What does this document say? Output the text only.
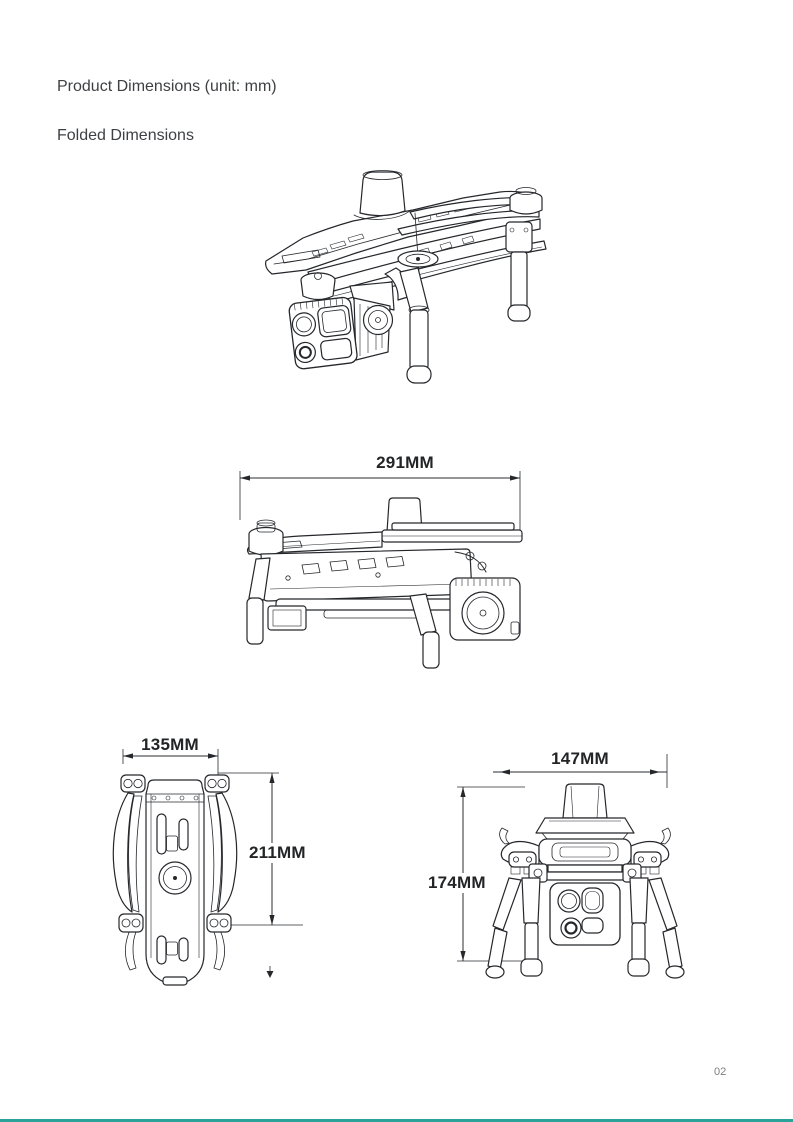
Product Dimensions (unit: mm)
Folded Dimensions
291MM
135MM
211MM
147MM
174MM
02
